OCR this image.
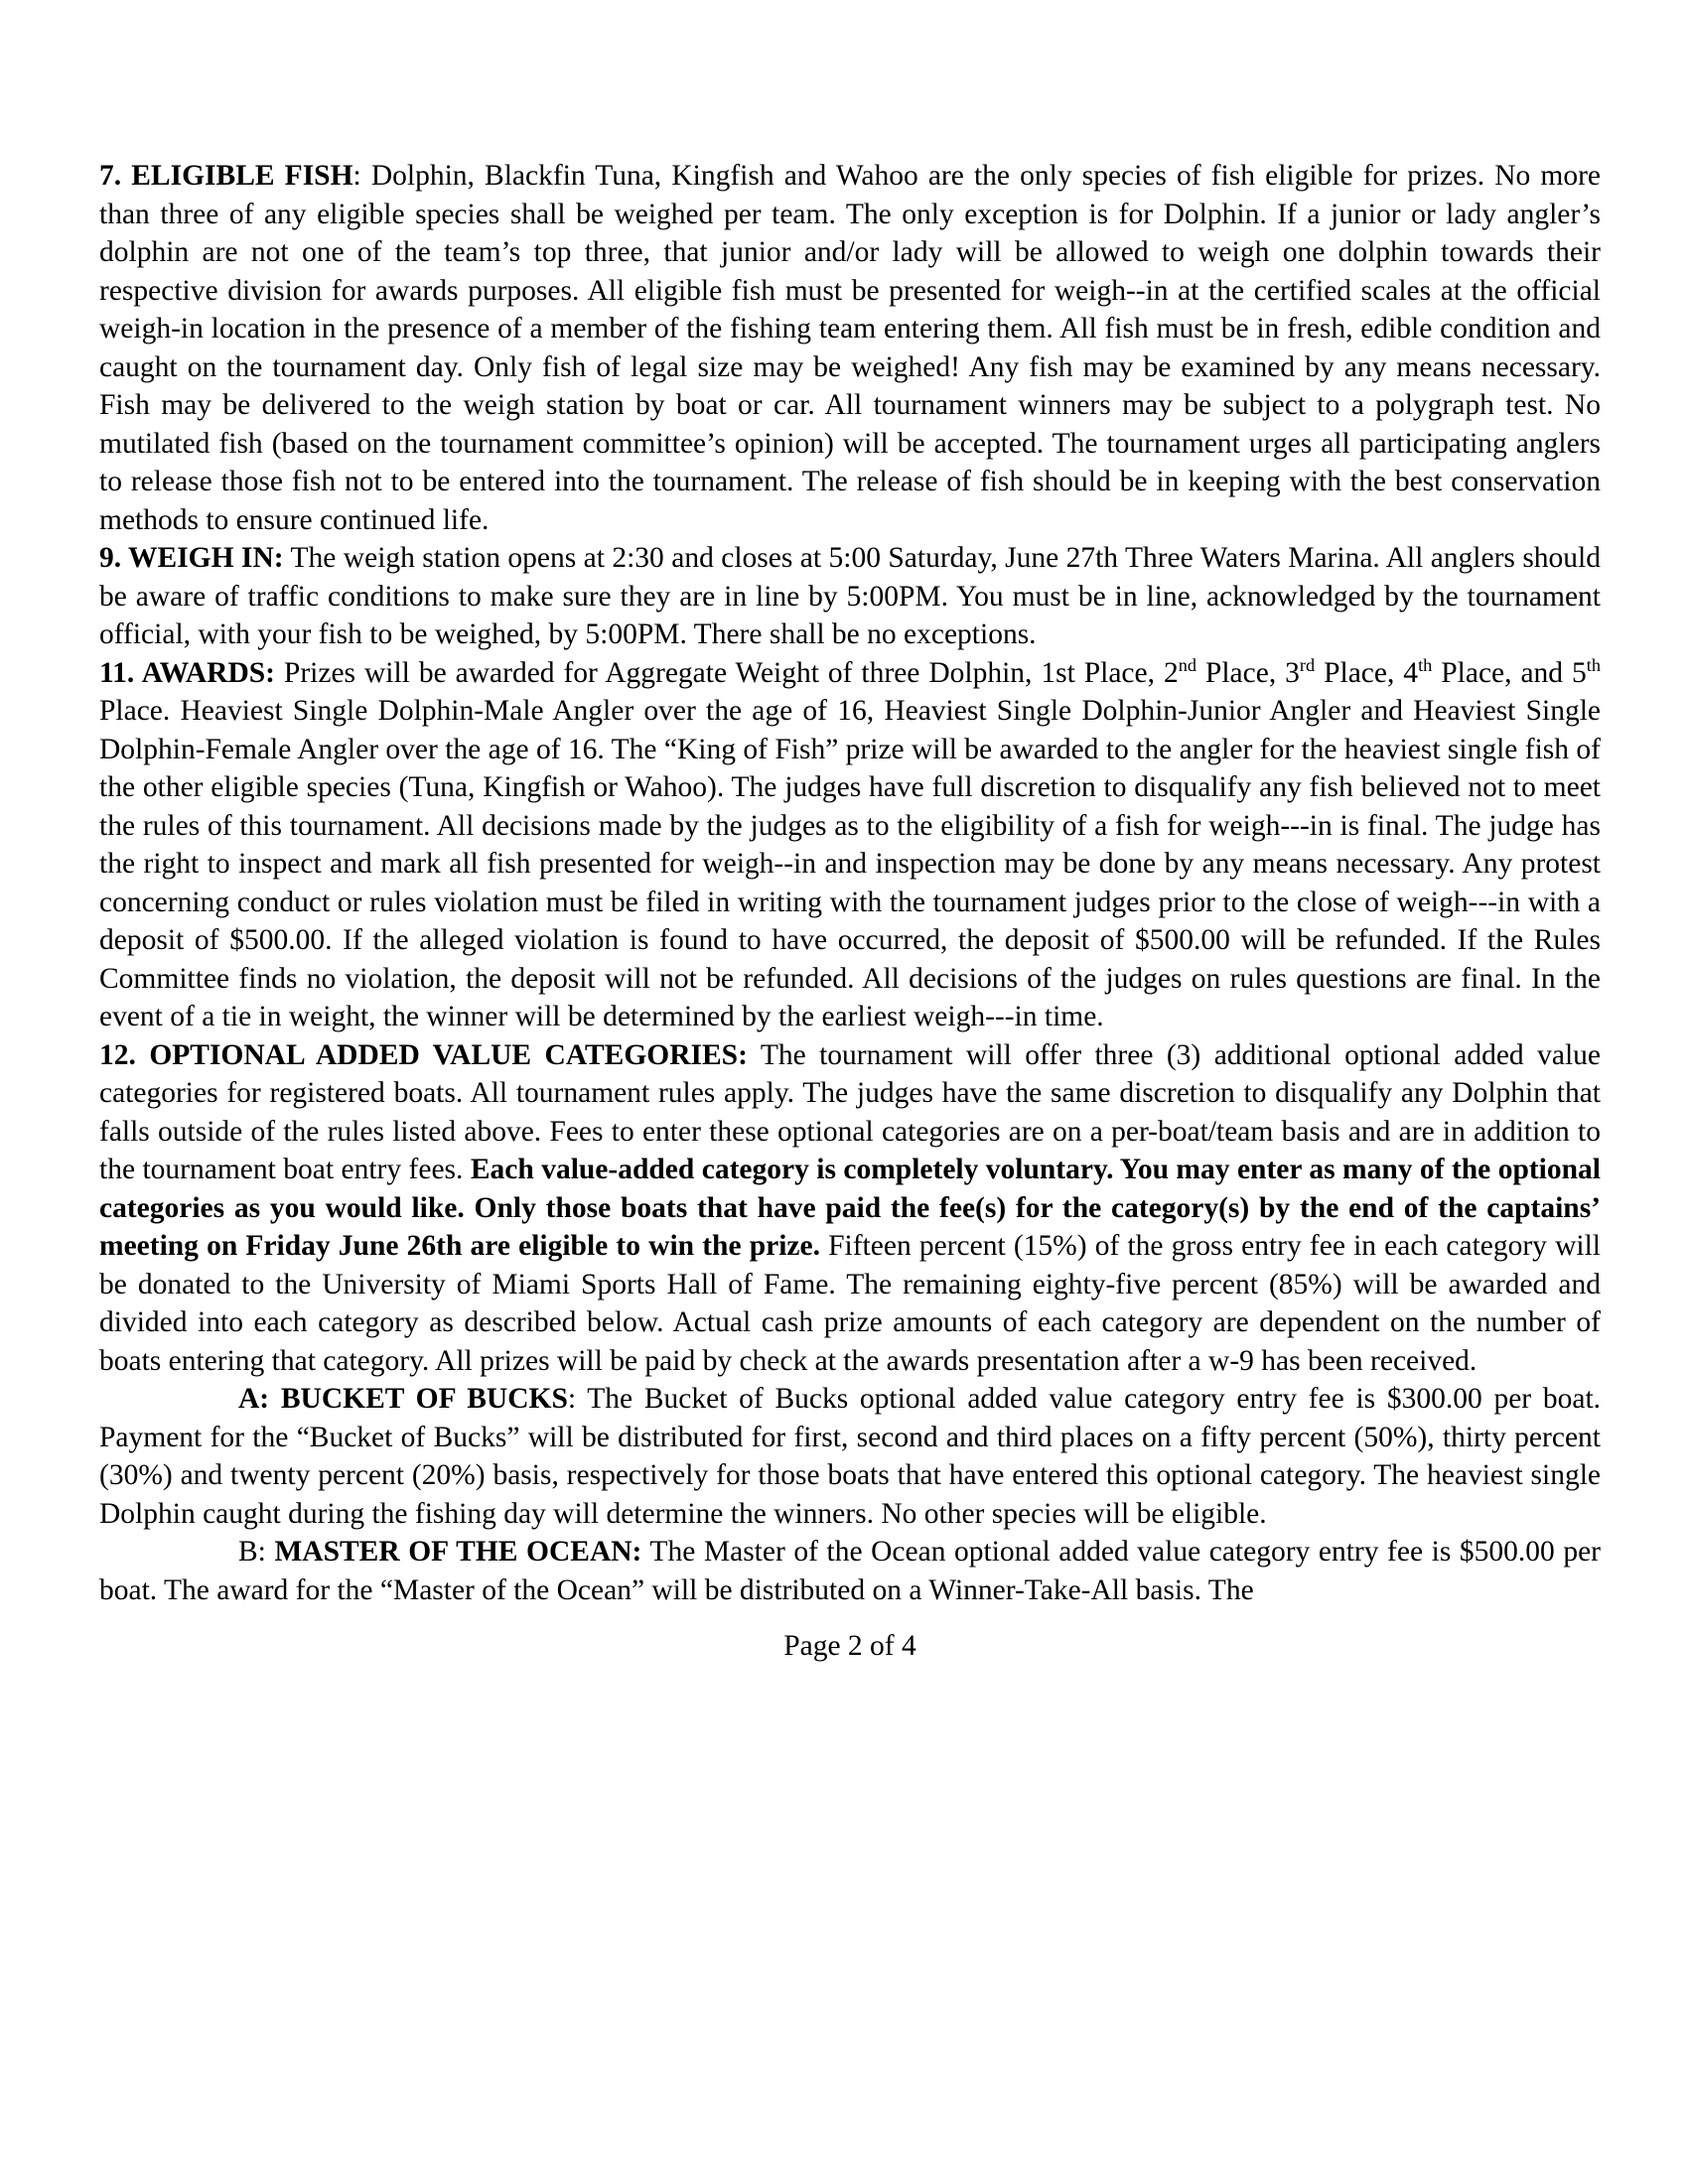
7. ELIGIBLE FISH: Dolphin, Blackfin Tuna, Kingfish and Wahoo are the only species of fish eligible for prizes. No more than three of any eligible species shall be weighed per team. The only exception is for Dolphin. If a junior or lady angler’s dolphin are not one of the team’s top three, that junior and/or lady will be allowed to weigh one dolphin towards their respective division for awards purposes. All eligible fish must be presented for weigh--in at the certified scales at the official weigh-in location in the presence of a member of the fishing team entering them. All fish must be in fresh, edible condition and caught on the tournament day. Only fish of legal size may be weighed! Any fish may be examined by any means necessary. Fish may be delivered to the weigh station by boat or car. All tournament winners may be subject to a polygraph test. No mutilated fish (based on the tournament committee’s opinion) will be accepted. The tournament urges all participating anglers to release those fish not to be entered into the tournament. The release of fish should be in keeping with the best conservation methods to ensure continued life.

9. WEIGH IN: The weigh station opens at 2:30 and closes at 5:00 Saturday, June 27th Three Waters Marina. All anglers should be aware of traffic conditions to make sure they are in line by 5:00PM. You must be in line, acknowledged by the tournament official, with your fish to be weighed, by 5:00PM. There shall be no exceptions.

11. AWARDS: Prizes will be awarded for Aggregate Weight of three Dolphin, 1st Place, 2nd Place, 3rd Place, 4th Place, and 5th Place. Heaviest Single Dolphin-Male Angler over the age of 16, Heaviest Single Dolphin-Junior Angler and Heaviest Single Dolphin-Female Angler over the age of 16. The “King of Fish” prize will be awarded to the angler for the heaviest single fish of the other eligible species (Tuna, Kingfish or Wahoo). The judges have full discretion to disqualify any fish believed not to meet the rules of this tournament. All decisions made by the judges as to the eligibility of a fish for weigh---in is final. The judge has the right to inspect and mark all fish presented for weigh--in and inspection may be done by any means necessary. Any protest concerning conduct or rules violation must be filed in writing with the tournament judges prior to the close of weigh---in with a deposit of $500.00. If the alleged violation is found to have occurred, the deposit of $500.00 will be refunded. If the Rules Committee finds no violation, the deposit will not be refunded. All decisions of the judges on rules questions are final. In the event of a tie in weight, the winner will be determined by the earliest weigh---in time.

12. OPTIONAL ADDED VALUE CATEGORIES: The tournament will offer three (3) additional optional added value categories for registered boats. All tournament rules apply. The judges have the same discretion to disqualify any Dolphin that falls outside of the rules listed above. Fees to enter these optional categories are on a per-boat/team basis and are in addition to the tournament boat entry fees. Each value-added category is completely voluntary. You may enter as many of the optional categories as you would like. Only those boats that have paid the fee(s) for the category(s) by the end of the captains’ meeting on Friday June 26th are eligible to win the prize. Fifteen percent (15%) of the gross entry fee in each category will be donated to the University of Miami Sports Hall of Fame. The remaining eighty-five percent (85%) will be awarded and divided into each category as described below. Actual cash prize amounts of each category are dependent on the number of boats entering that category. All prizes will be paid by check at the awards presentation after a w-9 has been received.

A: BUCKET OF BUCKS: The Bucket of Bucks optional added value category entry fee is $300.00 per boat. Payment for the “Bucket of Bucks” will be distributed for first, second and third places on a fifty percent (50%), thirty percent (30%) and twenty percent (20%) basis, respectively for those boats that have entered this optional category. The heaviest single Dolphin caught during the fishing day will determine the winners. No other species will be eligible.

B: MASTER OF THE OCEAN: The Master of the Ocean optional added value category entry fee is $500.00 per boat. The award for the “Master of the Ocean” will be distributed on a Winner-Take-All basis. The

Page 2 of 4
